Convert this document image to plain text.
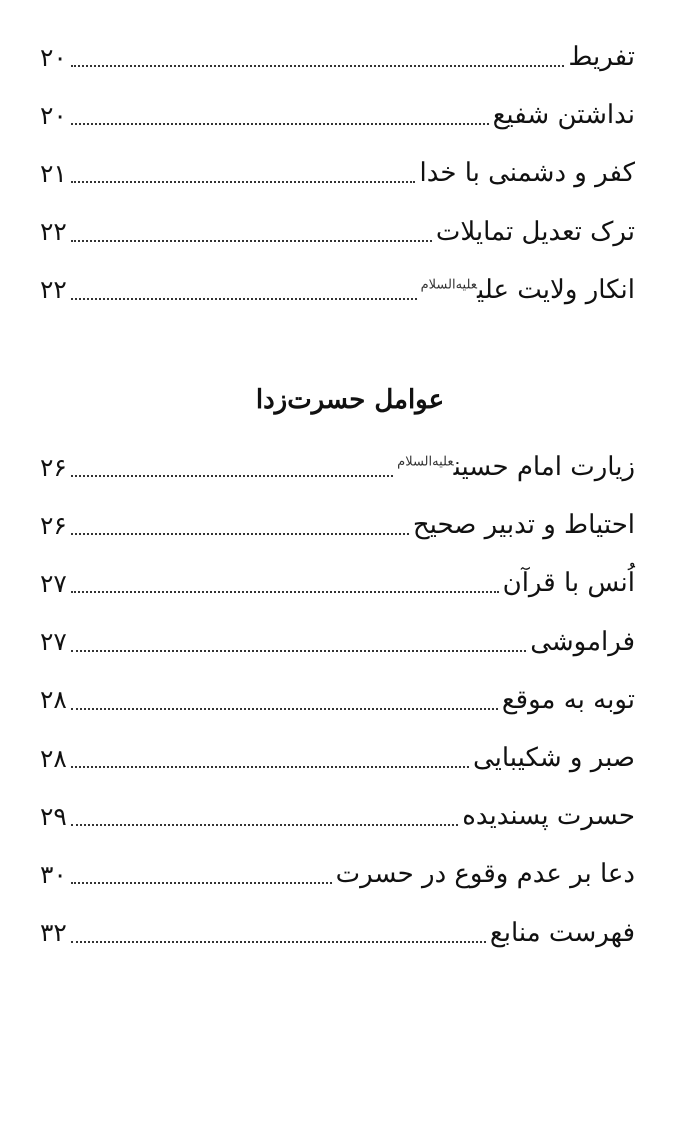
تفریط
۲۰
نداشتن شفیع
۲۰
کفر و دشمنی با خدا
۲۱
ترک تعدیل تمایلات
۲۲
انکار ولایت علی$^{علیه‌السلام}$
۲۲
عوامل حسرت‌زدا
زیارت امام حسین$^{علیه‌السلام}$
۲۶
احتیاط و تدبیر صحیح
۲۶
اُنس با قرآن
۲۷
فراموشی
۲۷
توبه به موقع
۲۸
صبر و شکیبایی
۲۸
حسرت پسندیده
۲۹
دعا بر عدم وقوع در حسرت
۳۰
فهرست منابع
۳۲
